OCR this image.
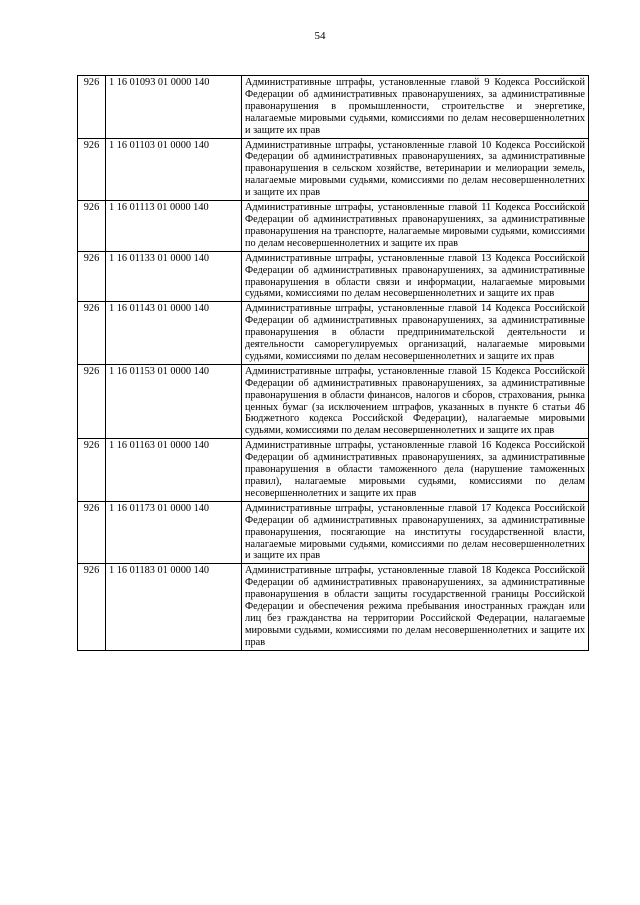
54
926	1 16 01093 01 0000 140	Административные штрафы, установленные главой 9 Кодекса Российской Федерации об административных правонарушениях, за административные правонарушения в промышленности, строительстве и энергетике, налагаемые мировыми судьями, комиссиями по делам несовершеннолетних и защите их прав
926	1 16 01103 01 0000 140	Административные штрафы, установленные главой 10 Кодекса Российской Федерации об административных правонарушениях, за административные правонарушения в сельском хозяйстве, ветеринарии и мелиорации земель, налагаемые мировыми судьями, комиссиями по делам несовершеннолетних и защите их прав
926	1 16 01113 01 0000 140	Административные штрафы, установленные главой 11 Кодекса Российской Федерации об административных правонарушениях, за административные правонарушения на транспорте, налагаемые мировыми судьями, комиссиями по делам несовершеннолетних и защите их прав
926	1 16 01133 01 0000 140	Административные штрафы, установленные главой 13 Кодекса Российской Федерации об административных правонарушениях, за административные правонарушения в области связи и информации, налагаемые мировыми судьями, комиссиями по делам несовершеннолетних и защите их прав
926	1 16 01143 01 0000 140	Административные штрафы, установленные главой 14 Кодекса Российской Федерации об административных правонарушениях, за административные правонарушения в области предпринимательской деятельности и деятельности саморегулируемых организаций, налагаемые мировыми судьями, комиссиями по делам несовершеннолетних и защите их прав
926	1 16 01153 01 0000 140	Административные штрафы, установленные главой 15 Кодекса Российской Федерации об административных правонарушениях, за административные правонарушения в области финансов, налогов и сборов, страхования, рынка ценных бумаг (за исключением штрафов, указанных в пункте 6 статьи 46 Бюджетного кодекса Российской Федерации), налагаемые мировыми судьями, комиссиями по делам несовершеннолетних и защите их прав
926	1 16 01163 01 0000 140	Административные штрафы, установленные главой 16 Кодекса Российской Федерации об административных правонарушениях, за административные правонарушения в области таможенного дела (нарушение таможенных правил), налагаемые мировыми судьями, комиссиями по делам несовершеннолетних и защите их прав
926	1 16 01173 01 0000 140	Административные штрафы, установленные главой 17 Кодекса Российской Федерации об административных правонарушениях, за административные правонарушения, посягающие на институты государственной власти, налагаемые мировыми судьями, комиссиями по делам несовершеннолетних и защите их прав
926	1 16 01183 01 0000 140	Административные штрафы, установленные главой 18 Кодекса Российской Федерации об административных правонарушениях, за административные правонарушения в области защиты государственной границы Российской Федерации и обеспечения режима пребывания иностранных граждан или лиц без гражданства на территории Российской Федерации, налагаемые мировыми судьями, комиссиями по делам несовершеннолетних и защите их прав
